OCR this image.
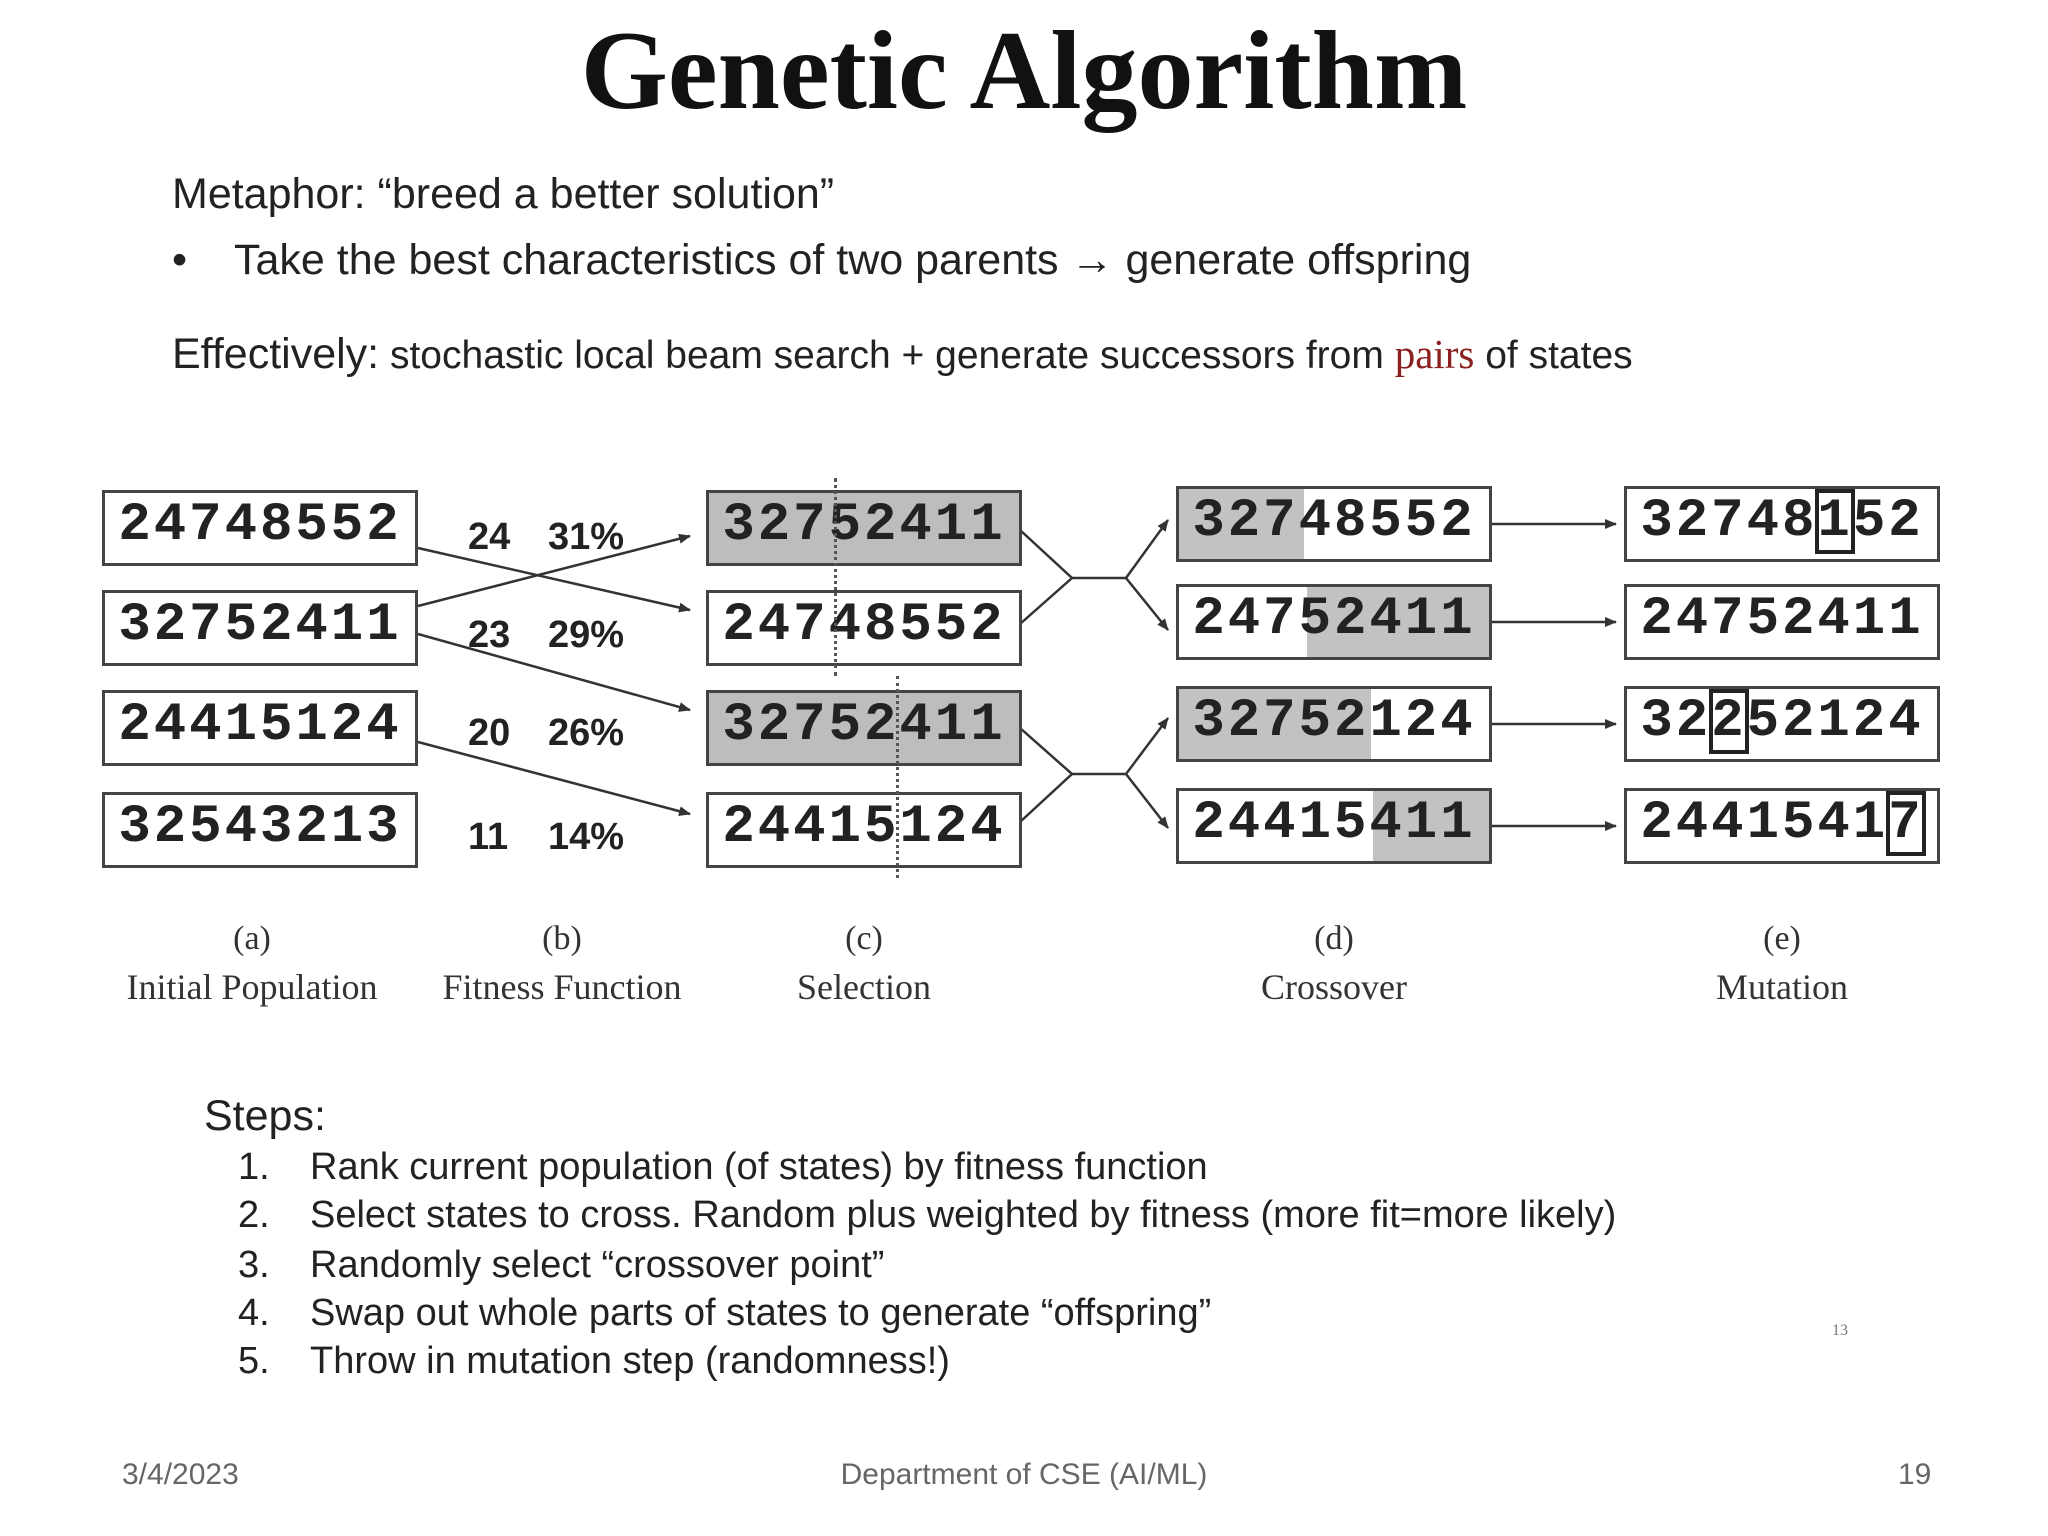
Genetic Algorithm
Metaphor: “breed a better solution”
• Take the best characteristics of two parents → generate offspring
Effectively: stochastic local beam search + generate successors from pairs of states
24748552
32752411
24415124
32543213
24 31%
23 29%
20 26%
11 14%
32752411
24748552
32752411
24415124
32748552
24752411
32752124
24415411
32748152
24752411
32252124
24415417
(a)
Initial Population
(b)
Fitness Function
(c)
Selection
(d)
Crossover
(e)
Mutation
Steps:
1. Rank current population (of states) by fitness function
2. Select states to cross. Random plus weighted by fitness (more fit=more likely)
3. Randomly select “crossover point”
4. Swap out whole parts of states to generate “offspring”
5. Throw in mutation step (randomness!)
13
3/4/2023	Department of CSE (AI/ML)	19
